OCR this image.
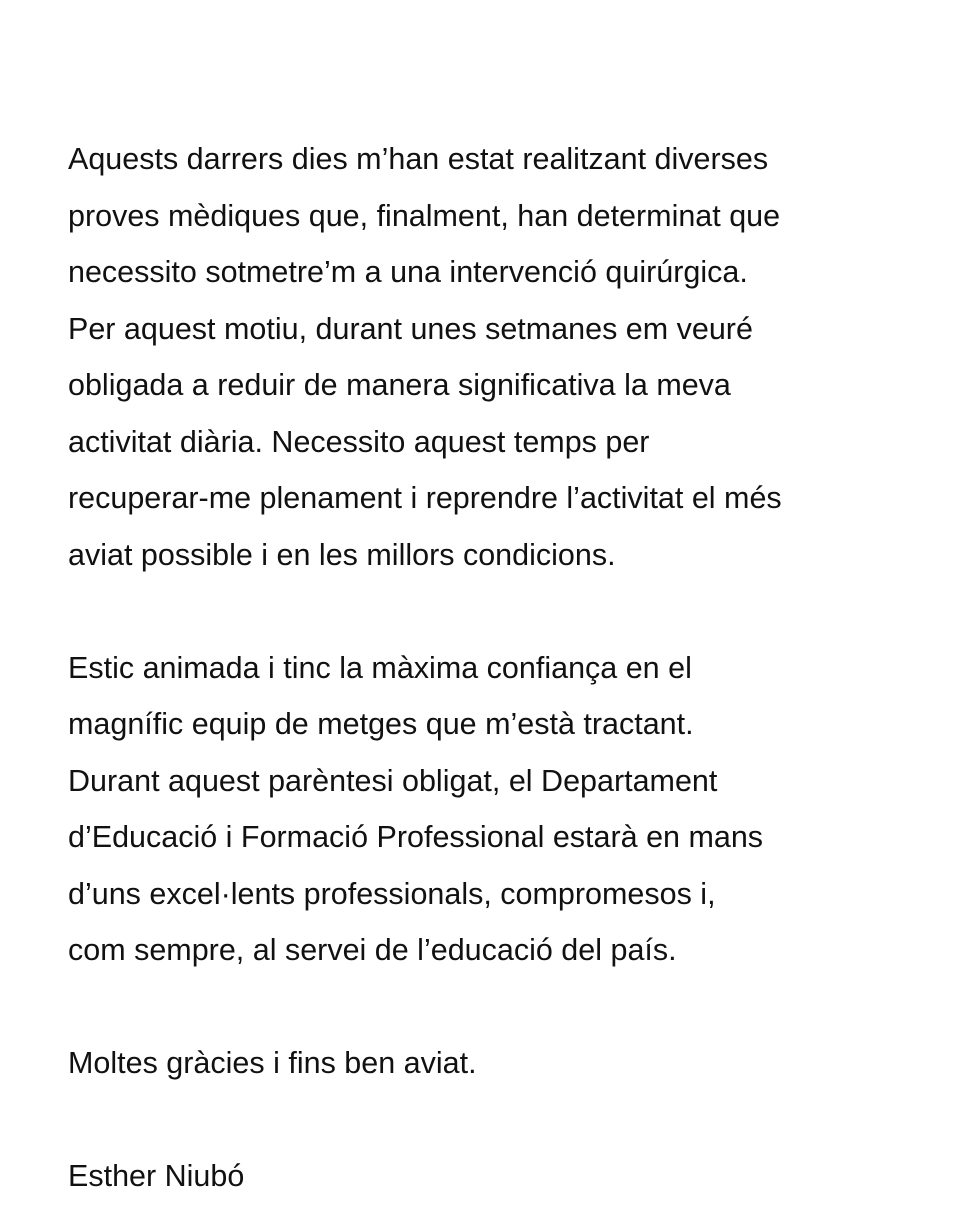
Aquests darrers dies m’han estat realitzant diverses
proves mèdiques que, finalment, han determinat que
necessito sotmetre’m a una intervenció quirúrgica.
Per aquest motiu, durant unes setmanes em veuré
obligada a reduir de manera significativa la meva
activitat diària. Necessito aquest temps per
recuperar-me plenament i reprendre l’activitat el més
aviat possible i en les millors condicions.
Estic animada i tinc la màxima confiança en el
magnífic equip de metges que m’està tractant.
Durant aquest parèntesi obligat, el Departament
d’Educació i Formació Professional estarà en mans
d’uns excel·lents professionals, compromesos i,
com sempre, al servei de l’educació del país.
Moltes gràcies i fins ben aviat.
Esther Niubó
